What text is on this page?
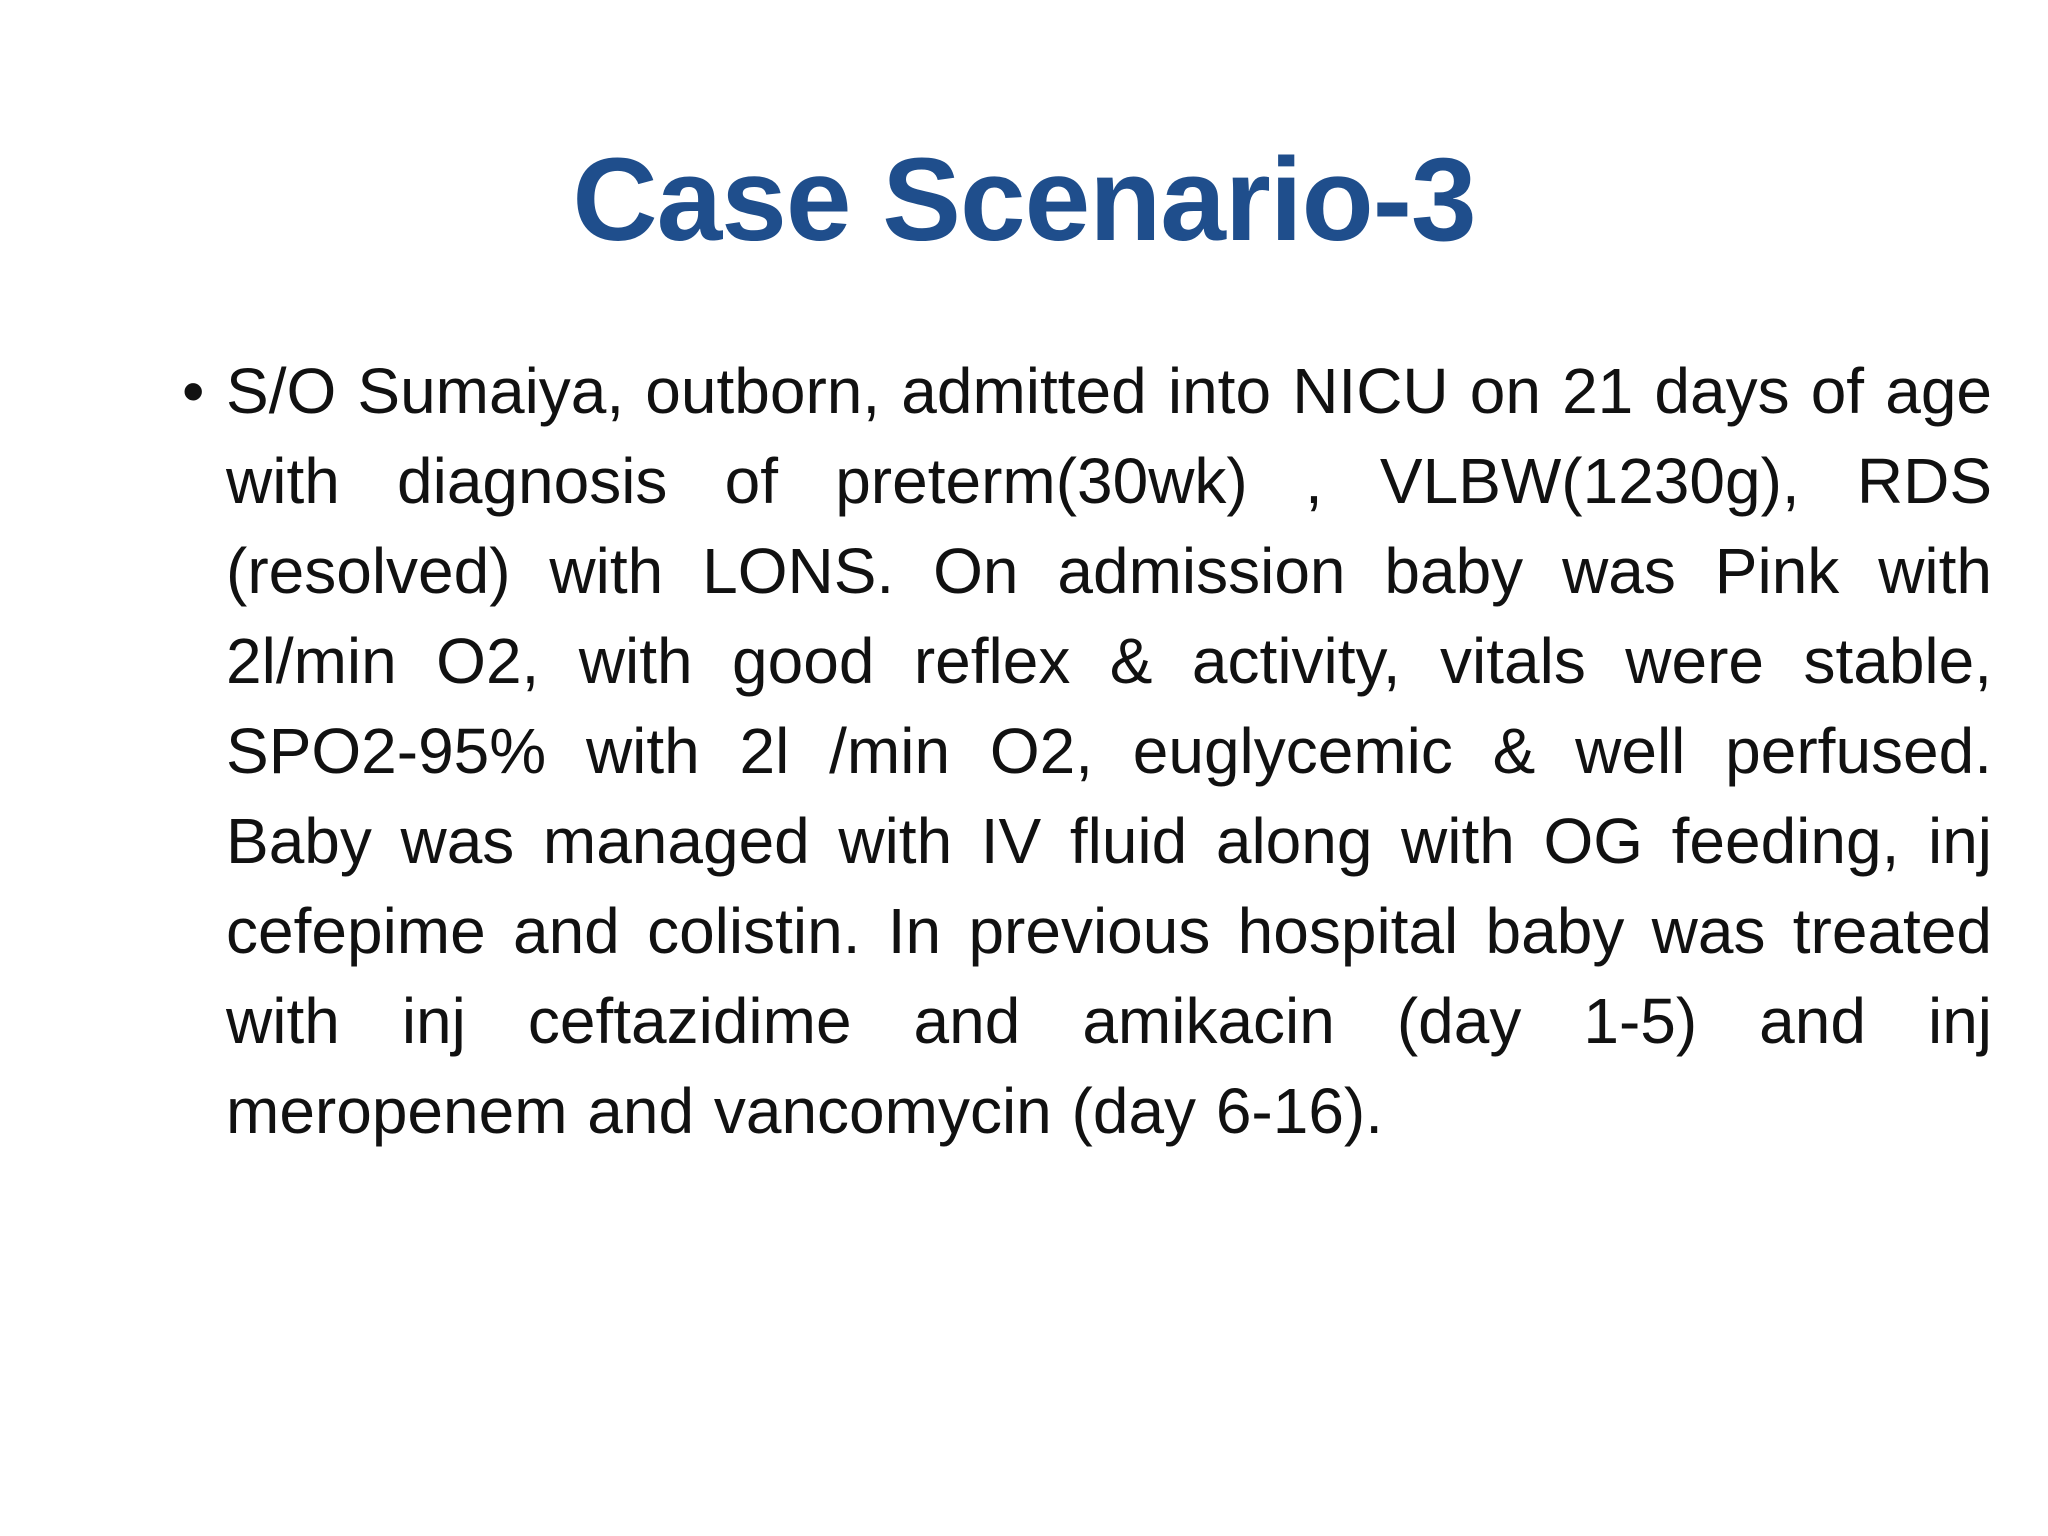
Case Scenario-3
• S/O Sumaiya, outborn, admitted into NICU on 21 days of age with diagnosis of preterm(30wk) , VLBW(1230g), RDS (resolved) with LONS. On admission baby was Pink with 2l/min O2, with good reflex & activity, vitals were stable, SPO2-95% with 2l /min O2, euglycemic & well perfused. Baby was managed with IV fluid along with OG feeding, inj cefepime and colistin. In previous hospital baby was treated with inj ceftazidime and amikacin (day 1-5) and inj meropenem and vancomycin (day 6-16).
